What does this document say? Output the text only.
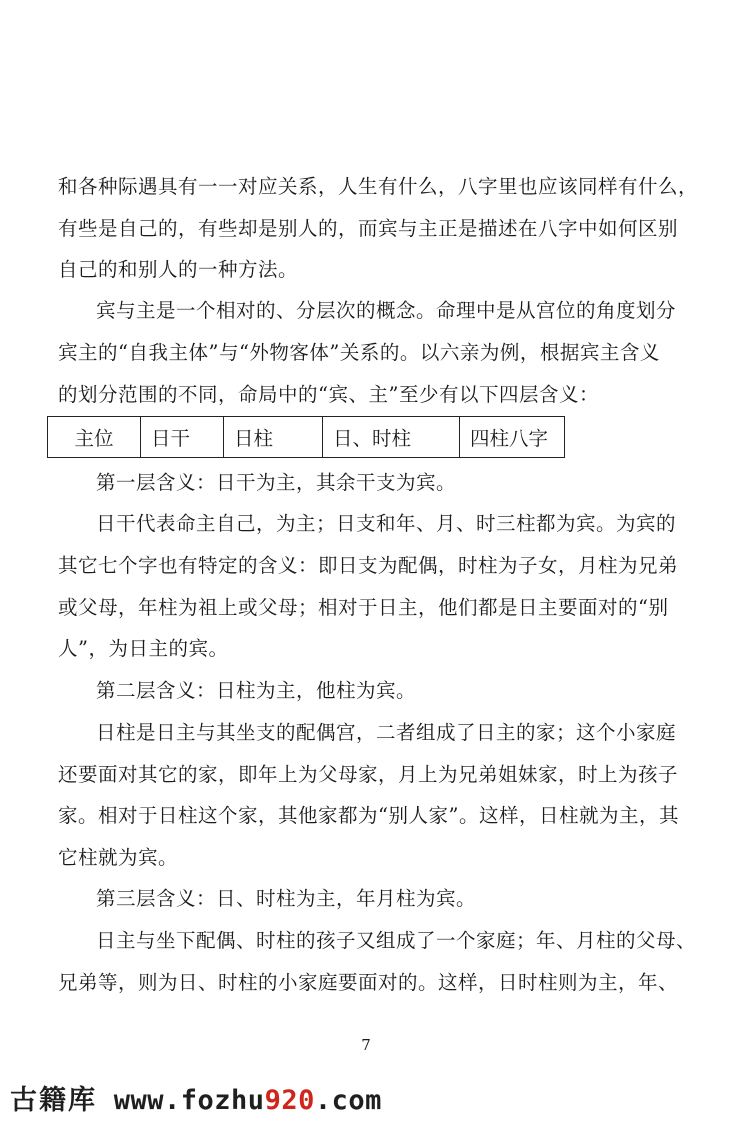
和各种际遇具有一一对应关系，人生有什么，八字里也应该同样有什么，
有些是自己的，有些却是别人的，而宾与主正是描述在八字中如何区别
自己的和别人的一种方法。
宾与主是一个相对的、分层次的概念。命理中是从宫位的角度划分
宾主的“自我主体”与“外物客体”关系的。以六亲为例，根据宾主含义
的划分范围的不同，命局中的“宾、主”至少有以下四层含义：
主位	日干	日柱	日、时柱	四柱八字
第一层含义：日干为主，其余干支为宾。
日干代表命主自己，为主；日支和年、月、时三柱都为宾。为宾的
其它七个字也有特定的含义：即日支为配偶，时柱为子女，月柱为兄弟
或父母，年柱为祖上或父母；相对于日主，他们都是日主要面对的“别
人”，为日主的宾。
第二层含义：日柱为主，他柱为宾。
日柱是日主与其坐支的配偶宫，二者组成了日主的家；这个小家庭
还要面对其它的家，即年上为父母家，月上为兄弟姐妹家，时上为孩子
家。相对于日柱这个家，其他家都为“别人家”。这样，日柱就为主，其
它柱就为宾。
第三层含义：日、时柱为主，年月柱为宾。
日主与坐下配偶、时柱的孩子又组成了一个家庭；年、月柱的父母、
兄弟等，则为日、时柱的小家庭要面对的。这样，日时柱则为主，年、
7
古籍库 www.fozhu920.com
